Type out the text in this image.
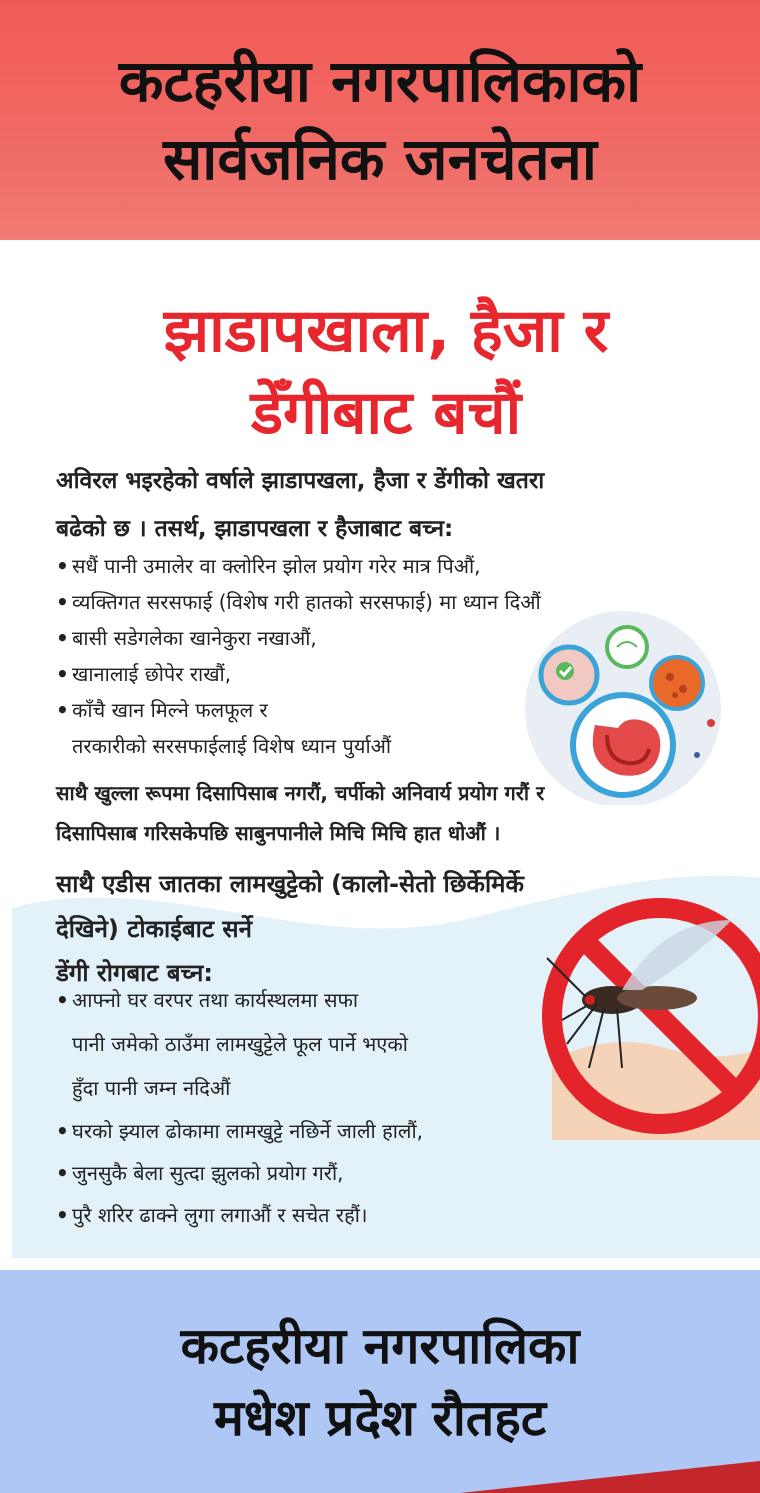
कटहरीया नगरपालिकाको
सार्वजनिक जनचेतना
झाडापखाला, हैजा र
डेँगीबाट बचौं
अविरल भइरहेको वर्षाले झाडापखला, हैजा र डेंगीको खतरा
बढेको छ । तसर्थ, झाडापखला र हैजाबाट बच्न:
• सधैं पानी उमालेर वा क्लोरिन झोल प्रयोग गरेर मात्र पिऔं,
• व्यक्तिगत सरसफाई (विशेष गरी हातको सरसफाई) मा ध्यान दिऔं
• बासी सडेगलेका खानेकुरा नखाऔं,
• खानालाई छोपेर राखौं,
• काँचै खान मिल्ने फलफूल र
तरकारीको सरसफाईलाई विशेष ध्यान पुर्याऔं
साथै खुल्ला रूपमा दिसापिसाब नगरौं, चर्पीको अनिवार्य प्रयोग गरौं र
दिसापिसाब गरिसकेपछि साबुनपानीले मिचि मिचि हात धोऔं ।
साथै एडीस जातका लामखुट्टेको (कालो-सेतो छिर्केमिर्के
देखिने) टोकाईबाट सर्ने
डेंगी रोगबाट बच्न:
• आफ्नो घर वरपर तथा कार्यस्थलमा सफा
पानी जमेको ठाउँमा लामखुट्टेले फूल पार्ने भएको
हुँदा पानी जम्न नदिऔं
• घरको झ्याल ढोकामा लामखुट्टे नछिर्ने जाली हालौं,
• जुनसुकै बेला सुत्दा झुलको प्रयोग गरौं,
• पुरै शरिर ढाक्ने लुगा लगाऔं र सचेत रहौं।
कटहरीया नगरपालिका
मधेश प्रदेश रौतहट
